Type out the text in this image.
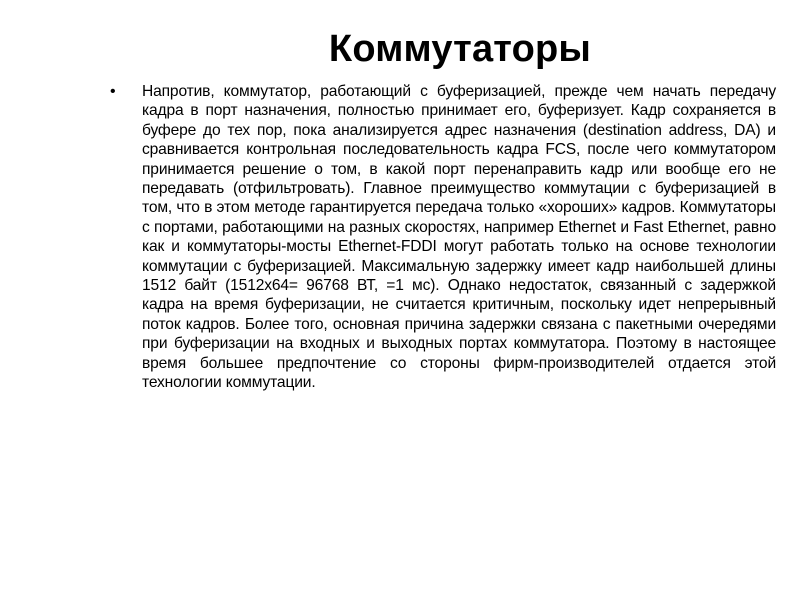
Коммутаторы
• Напротив, коммутатор, работающий с буферизацией, прежде чем начать передачу кадра в порт назначения, полностью принимает его, буферизует. Кадр сохраняется в буфере до тех пор, пока анализируется адрес назначения (destination address, DA) и сравнивается контрольная последовательность кадра FCS, после чего коммутатором принимается решение о том, в какой порт перенаправить кадр или вообще его не передавать (отфильтровать). Главное преимущество коммутации с буферизацией в том, что в этом методе гарантируется передача только «хороших» кадров. Коммутаторы с портами, работающими на разных скоростях, например Ethernet и Fast Ethernet, равно как и коммутаторы-мосты Ethernet-FDDI могут работать только на основе технологии коммутации с буферизацией. Максимальную задержку имеет кадр наибольшей длины 1512 байт (1512x64= 96768 ВТ, =1 мс). Однако недостаток, связанный с задержкой кадра на время буферизации, не считается критичным, поскольку идет непрерывный поток кадров. Более того, основная причина задержки связана с пакетными очередями при буферизации на входных и выходных портах коммутатора. Поэтому в настоящее время большее предпочтение со стороны фирм-производителей отдается этой технологии коммутации.
